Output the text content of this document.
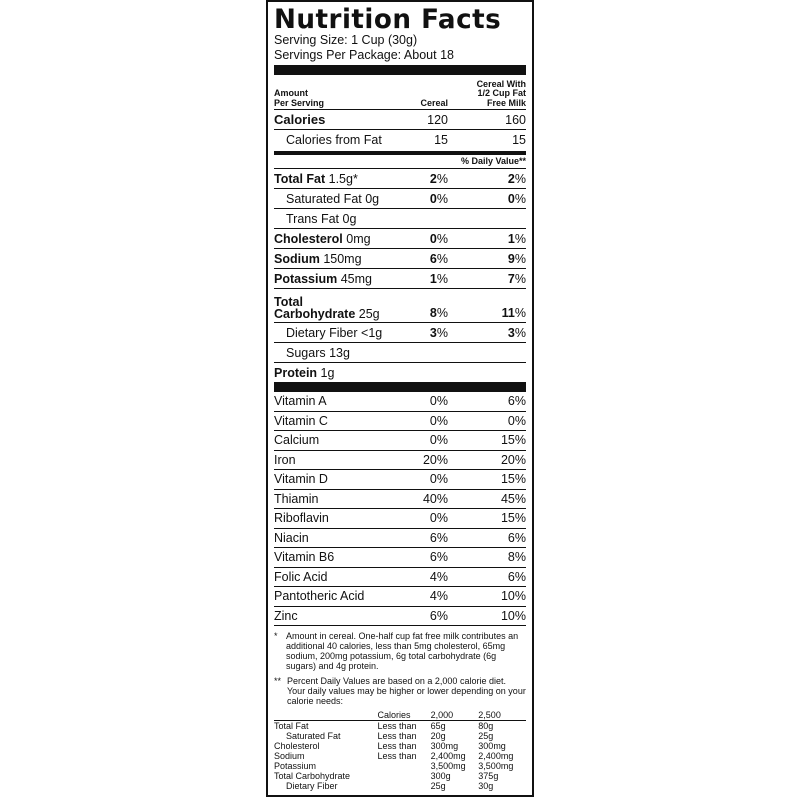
Nutrition Facts
Serving Size: 1 Cup (30g)
Servings Per Package: About 18
Amount
Per Serving	Cereal
Cereal With
1/2 Cup Fat
Free Milk
Calories	120	160
Calories from Fat	15	15
% Daily Value**
Total Fat 1.5g*	2%	2%
Saturated Fat 0g	0%	0%
Trans Fat 0g
Cholesterol 0mg	0%	1%
Sodium 150mg	6%	9%
Potassium 45mg	1%	7%
Total
Carbohydrate 25g	8%	11%
Dietary Fiber <1g	3%	3%
Sugars 13g
Protein 1g
Vitamin A	0%	6%
Vitamin C	0%	0%
Calcium	0%	15%
Iron	20%	20%
Vitamin D	0%	15%
Thiamin	40%	45%
Riboflavin	0%	15%
Niacin	6%	6%
Vitamin B6	6%	8%
Folic Acid	4%	6%
Pantotheric Acid	4%	10%
Zinc	6%	10%
* Amount in cereal. One-half cup fat free milk contributes an additional 40 calories, less than 5mg cholesterol, 65mg sodium, 200mg potassium, 6g total carbohydrate (6g sugars) and 4g protein.
** Percent Daily Values are based on a 2,000 calorie diet. Your daily values may be higher or lower depending on your calorie needs:
	Calories	2,000	2,500
Total Fat	Less than	65g	80g
Saturated Fat	Less than	20g	25g
Cholesterol	Less than	300mg	300mg
Sodium	Less than	2,400mg	2,400mg
Potassium		3,500mg	3,500mg
Total Carbohydrate		300g	375g
Dietary Fiber		25g	30g
